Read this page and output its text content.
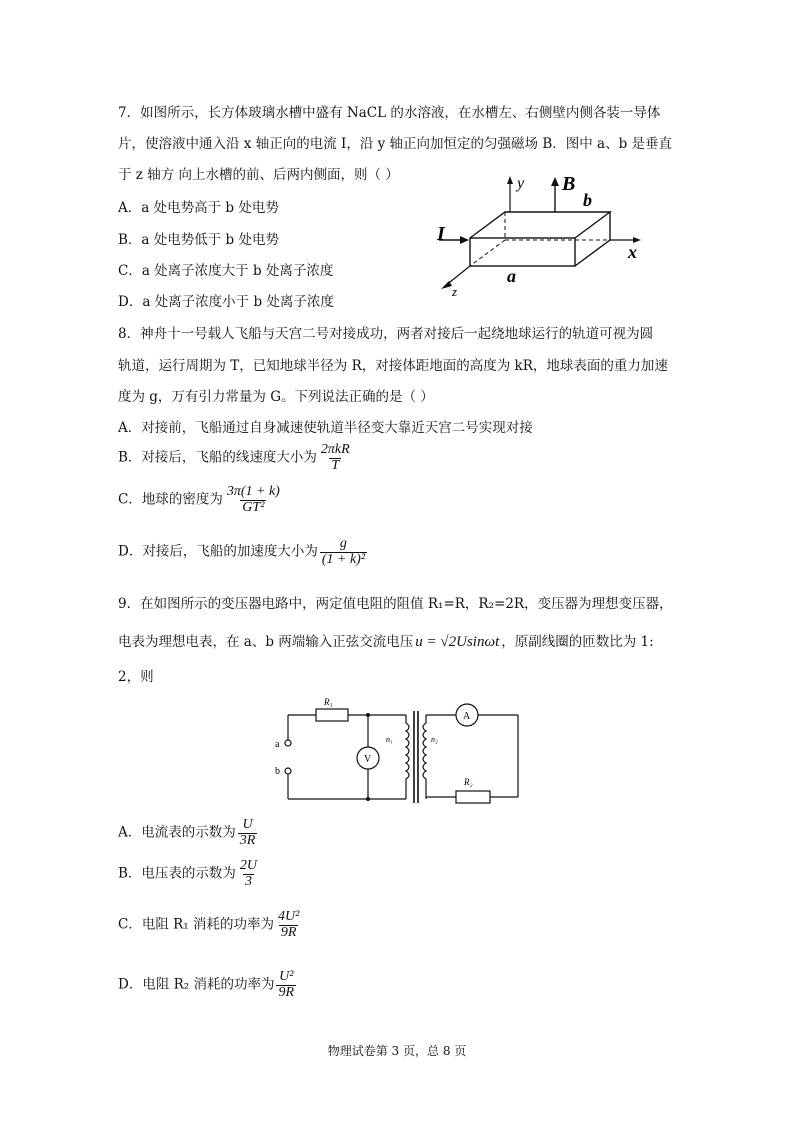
7．如图所示，长方体玻璃水槽中盛有 NaCL 的水溶液，在水槽左、右侧壁内侧各装一导体
片，使溶液中通入沿 x 轴正向的电流 I，沿 y 轴正向加恒定的匀强磁场 B．图中 a、b 是垂直
于 z 轴方 向上水槽的前、后两内侧面，则（ ）
A．a 处电势高于 b 处电势
B．a 处电势低于 b 处电势
C．a 处离子浓度大于 b 处离子浓度
D．a 处离子浓度小于 b 处离子浓度
y B
b
I
x
a
z
8．神舟十一号载人飞船与天宫二号对接成功，两者对接后一起绕地球运行的轨道可视为圆
轨道，运行周期为 T，已知地球半径为 R，对接体距地面的高度为 kR，地球表面的重力加速
度为 g，万有引力常量为 G。下列说法正确的是（ ）
A．对接前，飞船通过自身减速使轨道半径变大靠近天宫二号实现对接
B．对接后，飞船的线速度大小为 $\frac{\text{2πkR}}{T}$
C．地球的密度为 $\frac{3\pi(1 + k)}{\text{GT²}}$
D．对接后，飞船的加速度大小为 $\frac{g}{\text{(1 + k)²}}$
9．在如图所示的变压器电路中，两定值电阻的阻值 R₁=R，R₂=2R，变压器为理想变压器，
电表为理想电表，在 a、b 两端输入正弦交流电压 u = √2Usinωt ，原副线圈的匝数比为 1:
2，则
R₁
R₂
n₁	n₂
V
A
a
b
A．电流表的示数为 $\frac{U}{3R}$
B．电压表的示数为 $\frac{2U}{3}$
C．电阻 R₁ 消耗的功率为 $\frac{\text{4U²}}{9R}$
D．电阻 R₂ 消耗的功率为 $\frac{\text{U²}}{9R}$
物理试卷第 3 页，总 8 页
